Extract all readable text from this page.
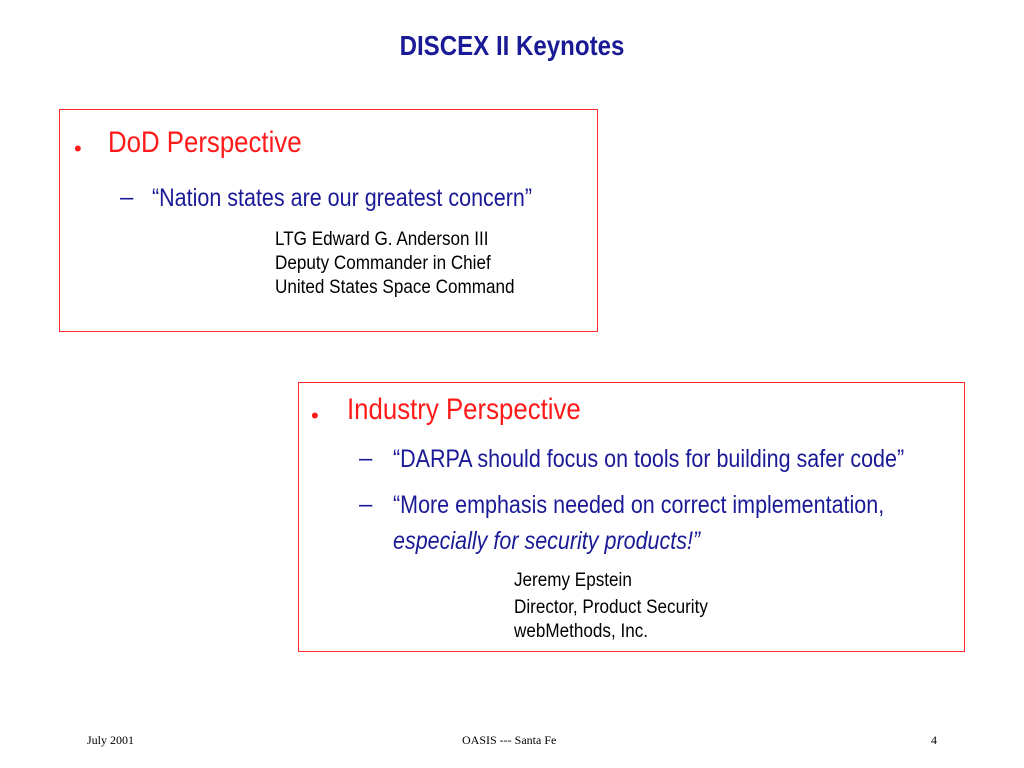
DISCEX II Keynotes
• DoD Perspective
– “Nation states are our greatest concern”
LTG Edward G. Anderson III
Deputy Commander in Chief
United States Space Command
• Industry Perspective
– “DARPA should focus on tools for building safer code”
– “More emphasis needed on correct implementation,
especially for security products!”
Jeremy Epstein
Director, Product Security
webMethods, Inc.
July 2001	OASIS --- Santa Fe	4
